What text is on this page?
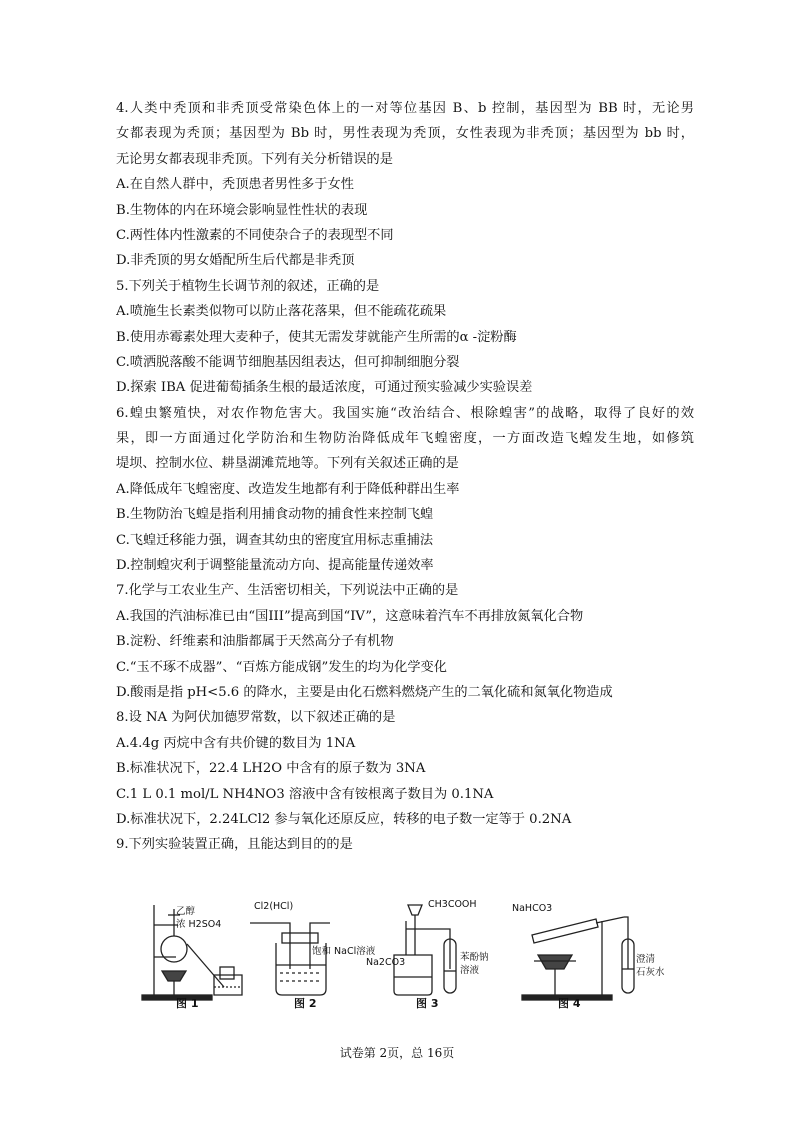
4.人类中秃顶和非秃顶受常染色体上的一对等位基因 B、b 控制，基因型为 BB 时，无论男
女都表现为秃顶；基因型为 Bb 时，男性表现为秃顶，女性表现为非秃顶；基因型为 bb 时，
无论男女都表现非秃顶。下列有关分析错误的是
A.在自然人群中，秃顶患者男性多于女性
B.生物体的内在环境会影响显性性状的表现
C.两性体内性激素的不同使杂合子的表现型不同
D.非秃顶的男女婚配所生后代都是非秃顶
5.下列关于植物生长调节剂的叙述，正确的是
A.喷施生长素类似物可以防止落花落果，但不能疏花疏果
B.使用赤霉素处理大麦种子，使其无需发芽就能产生所需的α -淀粉酶
C.喷洒脱落酸不能调节细胞基因组表达，但可抑制细胞分裂
D.探索 IBA 促进葡萄插条生根的最适浓度，可通过预实验减少实验误差
6.蝗虫繁殖快，对农作物危害大。我国实施“改治结合、根除蝗害”的战略，取得了良好的效
果，即一方面通过化学防治和生物防治降低成年飞蝗密度，一方面改造飞蝗发生地，如修筑
堤坝、控制水位、耕垦湖滩荒地等。下列有关叙述正确的是
A.降低成年飞蝗密度、改造发生地都有利于降低种群出生率
B.生物防治飞蝗是指利用捕食动物的捕食性来控制飞蝗
C.飞蝗迁移能力强，调查其幼虫的密度宜用标志重捕法
D.控制蝗灾利于调整能量流动方向、提高能量传递效率
7.化学与工农业生产、生活密切相关，下列说法中正确的是
A.我国的汽油标准已由“国III”提高到国“IV”，这意味着汽车不再排放氮氧化合物
B.淀粉、纤维素和油脂都属于天然高分子有机物
C.“玉不琢不成器”、“百炼方能成钢”发生的均为化学变化
D.酸雨是指 pH<5.6 的降水，主要是由化石燃料燃烧产生的二氧化硫和氮氧化物造成
8.设 NA 为阿伏加德罗常数，以下叙述正确的是
A.4.4g 丙烷中含有共价键的数目为 1NA
B.标准状况下，22.4 LH2O 中含有的原子数为 3NA
C.1 L 0.1 mol/L NH4NO3 溶液中含有铵根离子数目为 0.1NA
D.标准状况下，2.24LCl2 参与氧化还原反应，转移的电子数一定等于 0.2NA
9.下列实验装置正确，且能达到目的的是
乙醇
浓 H2SO4
图 1
Cl2(HCl)
饱和 NaCl溶液
图 2
CH3COOH
Na2CO3	苯酚钠
溶液
图 3
NaHCO3
澄清
石灰水
图 4
试卷第 2页，总 16页
